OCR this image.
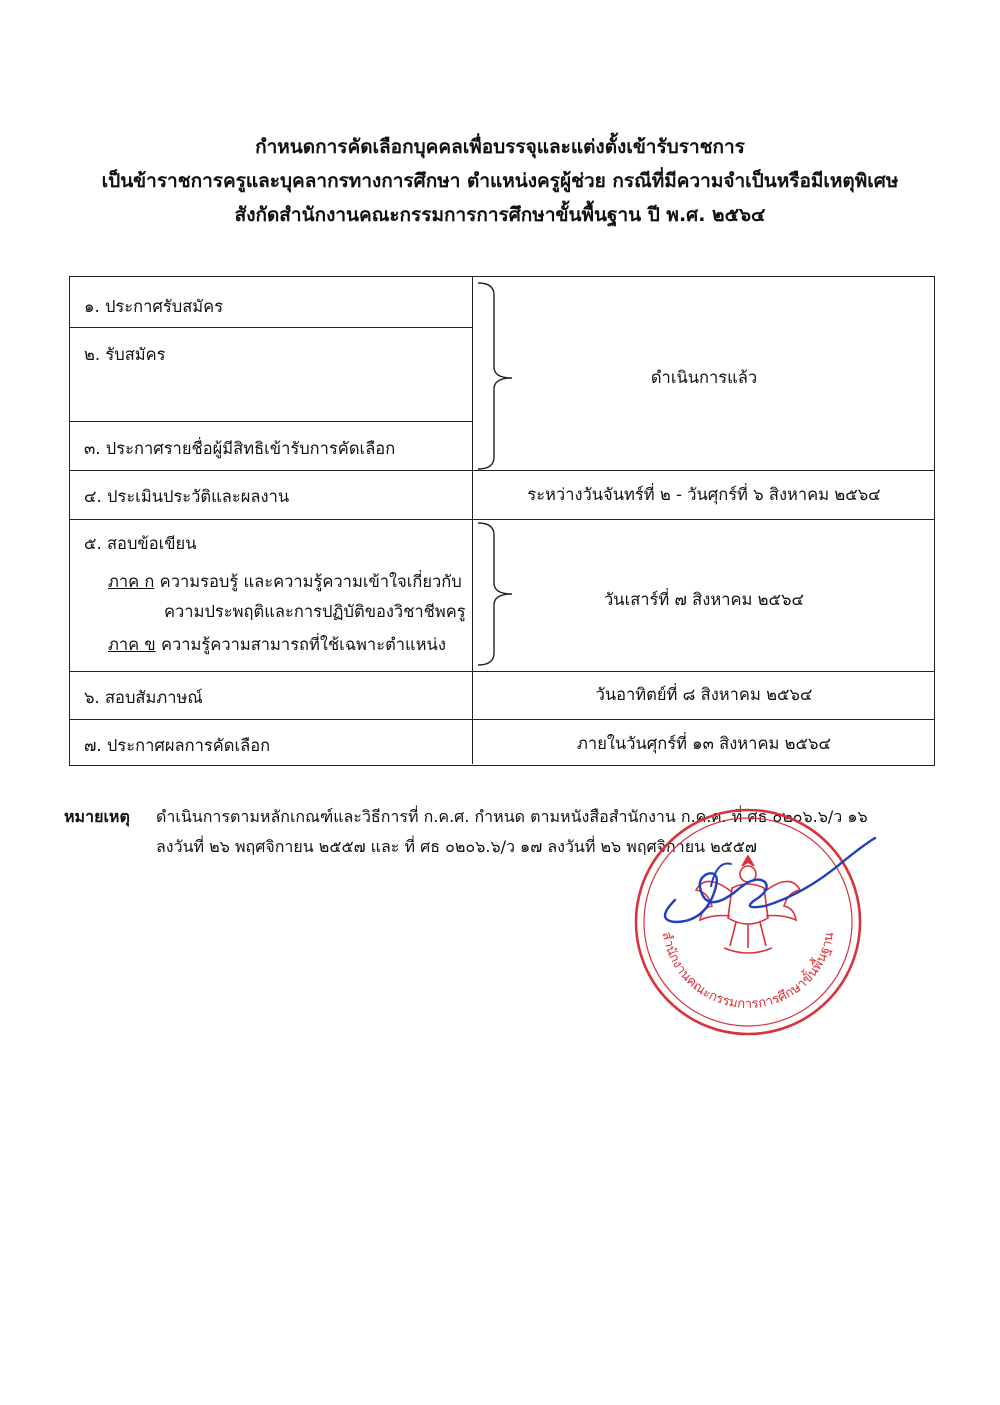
กำหนดการคัดเลือกบุคคลเพื่อบรรจุและแต่งตั้งเข้ารับราชการ
เป็นข้าราชการครูและบุคลากรทางการศึกษา ตำแหน่งครูผู้ช่วย กรณีที่มีความจำเป็นหรือมีเหตุพิเศษ
สังกัดสำนักงานคณะกรรมการการศึกษาขั้นพื้นฐาน ปี พ.ศ. ๒๕๖๔
๑. ประกาศรับสมัคร
๒. รับสมัคร
๓. ประกาศรายชื่อผู้มีสิทธิเข้ารับการคัดเลือก
ดำเนินการแล้ว
๔. ประเมินประวัติและผลงาน	ระหว่างวันจันทร์ที่ ๒ - วันศุกร์ที่ ๖ สิงหาคม ๒๕๖๔
๕. สอบข้อเขียน
ภาค ก ความรอบรู้ และความรู้ความเข้าใจเกี่ยวกับ
ความประพฤติและการปฏิบัติของวิชาชีพครู
ภาค ข ความรู้ความสามารถที่ใช้เฉพาะตำแหน่ง
วันเสาร์ที่ ๗ สิงหาคม ๒๕๖๔
๖. สอบสัมภาษณ์	วันอาทิตย์ที่ ๘ สิงหาคม ๒๕๖๔
๗. ประกาศผลการคัดเลือก	ภายในวันศุกร์ที่ ๑๓ สิงหาคม ๒๕๖๔
หมายเหตุ ดำเนินการตามหลักเกณฑ์และวิธีการที่ ก.ค.ศ. กำหนด ตามหนังสือสำนักงาน ก.ค.ศ. ที่ ศธ ๐๒๐๖.๖/ว ๑๖
ลงวันที่ ๒๖ พฤศจิกายน ๒๕๕๗ และ ที่ ศธ ๐๒๐๖.๖/ว ๑๗ ลงวันที่ ๒๖ พฤศจิกายน ๒๕๕๗
สำนักงานคณะกรรมการการศึกษาขั้นพื้นฐาน
